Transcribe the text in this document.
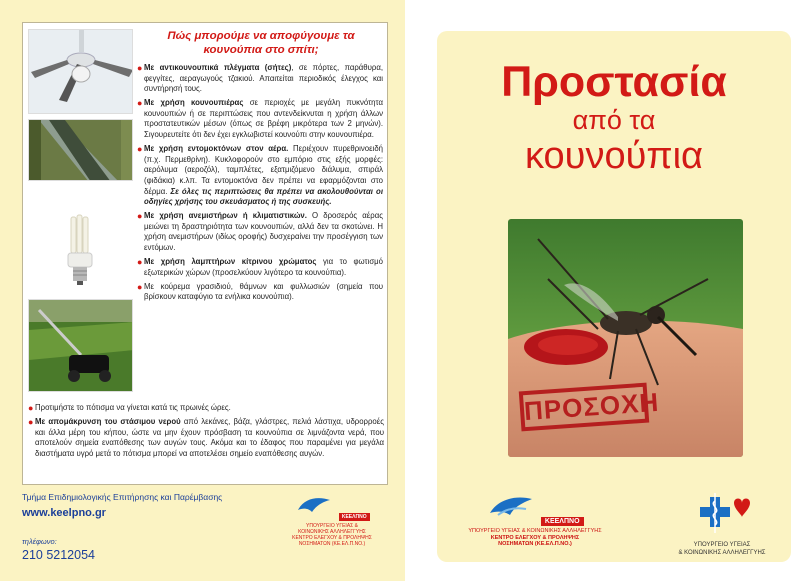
Πώς μπορούμε να αποφύγουμε τα
κουνούπια στο σπίτι;
● Με αντικουνουπικά πλέγματα (σήτες), σε πόρτες, παράθυρα, φεγγίτες, αεραγωγούς τζακιού. Απαιτείται περιοδικός έλεγχος και συντήρησή τους.
● Με χρήση κουνουπιέρας σε περιοχές με μεγάλη πυκνότητα κουνουπιών ή σε περιπτώσεις που αντενδείκνυται η χρήση άλλων προστατευτικών μέσων (όπως σε βρέφη μικρότερα των 2 μηνών). Σιγουρευτείτε ότι δεν έχει εγκλωβιστεί κουνούπι στην κουνουπιέρα.
● Με χρήση εντομοκτόνων στον αέρα. Περιέχουν πυρεθρινοειδή (π.χ. Περμεθρίνη). Κυκλοφορούν στο εμπόριο στις εξής μορφές: αερόλυμα (αεροζόλ), ταμπλέτες, εξατμιζόμενο διάλυμα, σπιράλ (φιδάκια) κ.λπ. Τα εντομοκτόνα δεν πρέπει να εφαρμόζονται στο δέρμα. Σε όλες τις περιπτώσεις θα πρέπει να ακολουθούνται οι οδηγίες χρήσης του σκευάσματος ή της συσκευής.
● Με χρήση ανεμιστήρων ή κλιματιστικών. Ο δροσερός αέρας μειώνει τη δραστηριότητα των κουνουπιών, αλλά δεν τα σκοτώνει. Η χρήση ανεμιστήρων (ιδίως οροφής) δυσχεραίνει την προσέγγιση των εντόμων.
● Με χρήση λαμπτήρων κίτρινου χρώματος για το φωτισμό εξωτερικών χώρων (προσελκύουν λιγότερο τα κουνούπια).
● Με κούρεμα γρασιδιού, θάμνων και φυλλωσιών (σημεία που βρίσκουν καταφύγιο τα ενήλικα κουνούπια).
● Προτιμήστε το πότισμα να γίνεται κατά τις πρωινές ώρες.
● Με απομάκρυνση του στάσιμου νερού από λεκάνες, βάζα, γλάστρες, πελιά λάστιχα, υδρορροές και άλλα μέρη του κήπου, ώστε να μην έχουν πρόσβαση τα κουνούπια σε λιμνάζοντα νερά, που αποτελούν σημεία εναπόθεσης των αυγών τους. Ακόμα και το έδαφος που παραμένει για μεγάλα διαστήματα υγρό μετά το πότισμα μπορεί να αποτελέσει σημείο εναπόθεσης αυγών.
Τμήμα Επιδημιολογικής Επιτήρησης και Παρέμβασης
www.keelpno.gr
τηλέφωνο:
210 5212054
ΚΕΕΛΠΝΟ
ΥΠΟΥΡΓΕΙΟ ΥΓΕΙΑΣ & ΚΟΙΝΩΝΙΚΗΣ ΑΛΛΗΛΕΓΓΥΗΣ
ΚΕΝΤΡΟ ΕΛΕΓΧΟΥ & ΠΡΟΛΗΨΗΣ
ΝΟΣΗΜΑΤΩΝ (ΚΕ.ΕΛ.Π.ΝΟ.)
Προστασία
από τα
κουνούπια
ΠΡΟΣΟΧΗ
ΚΕΕΛΠΝΟ
ΥΠΟΥΡΓΕΙΟ ΥΓΕΙΑΣ & ΚΟΙΝΩΝΙΚΗΣ ΑΛΛΗΛΕΓΓΥΗΣ
ΚΕΝΤΡΟ ΕΛΕΓΧΟΥ & ΠΡΟΛΗΨΗΣ
ΝΟΣΗΜΑΤΩΝ (ΚΕ.ΕΛ.Π.ΝΟ.)	ΥΠΟΥΡΓΕΙΟ ΥΓΕΙΑΣ
& ΚΟΙΝΩΝΙΚΗΣ ΑΛΛΗΛΕΓΓΥΗΣ
